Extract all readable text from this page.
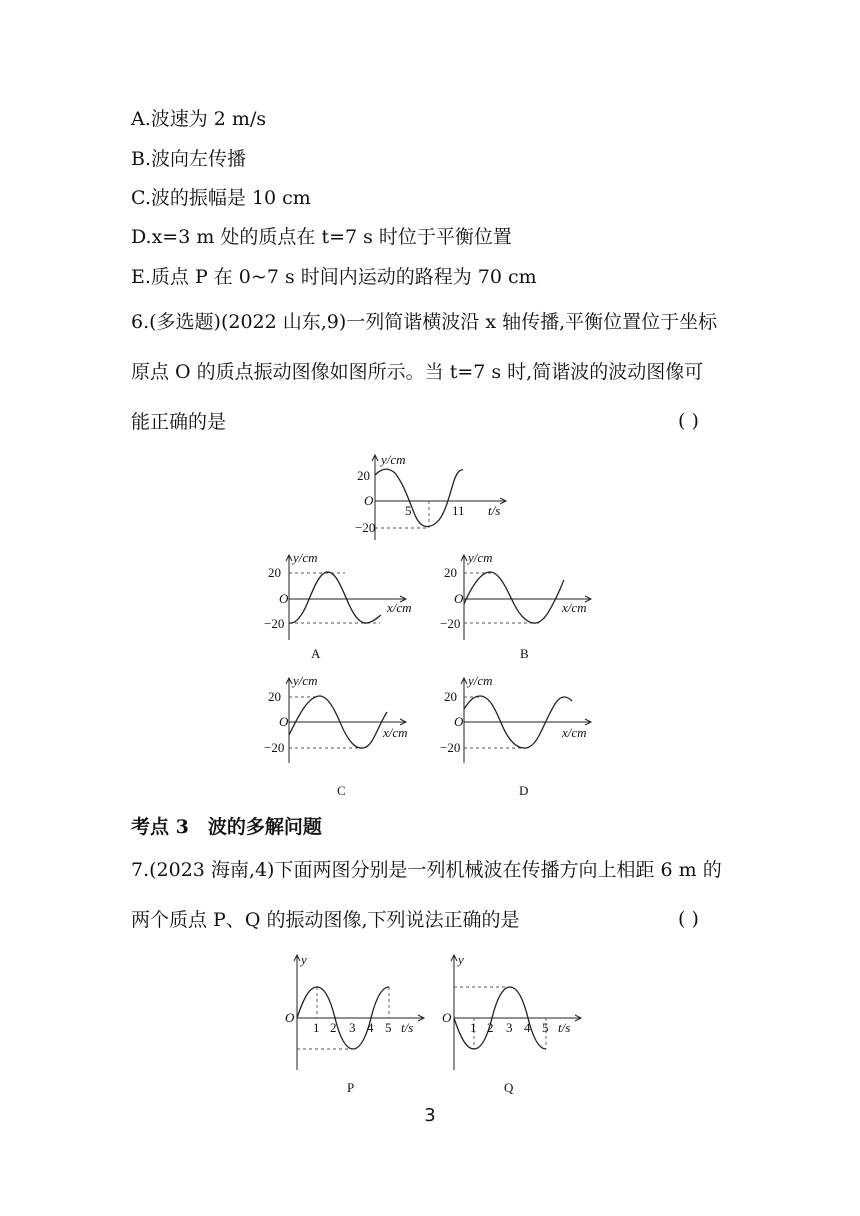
A.波速为 2 m/s
B.波向左传播
C.波的振幅是 10 cm
D.x=3 m 处的质点在 t=7 s 时位于平衡位置
E.质点 P 在 0~7 s 时间内运动的路程为 70 cm
6.(多选题)(2022 山东,9)一列简谐横波沿 x 轴传播,平衡位置位于坐标
原点 O 的质点振动图像如图所示。当 t=7 s 时,简谐波的波动图像可
能正确的是	( )
y/cm
20
O
−20
5	11 t/s
y/cm
20
O
−20
x/cm
A
y/cm
20
O
−20
x/cm
B
y/cm
20
O
−20
x/cm
C
y/cm
20
O
−20
x/cm
D
考点 3　波的多解问题
7.(2023 海南,4)下面两图分别是一列机械波在传播方向上相距 6 m 的
两个质点 P、Q 的振动图像,下列说法正确的是	( )
y
O
1 2 3 4 5 t/s
P
y
O
1 2 3 4 5 t/s
Q
3
